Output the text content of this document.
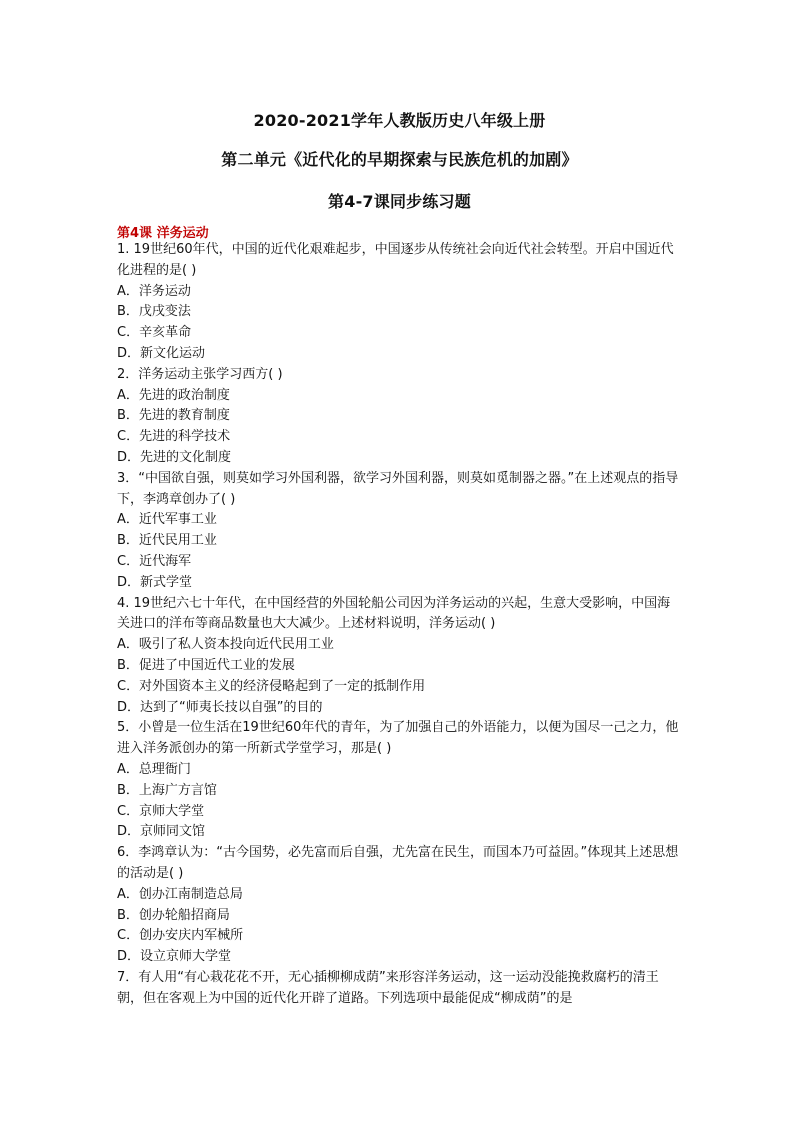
2020-2021学年人教版历史八年级上册
第二单元《近代化的早期探索与民族危机的加剧》
第4-7课同步练习题
第4课 洋务运动

1. 19世纪60年代，中国的近代化艰难起步，中国逐步从传统社会向近代社会转型。开启中国近代化进程的是( )

A．洋务运动

B．戊戌变法

C．辛亥革命

D．新文化运动

2．洋务运动主张学习西方( )

A．先进的政治制度

B．先进的教育制度

C．先进的科学技术

D．先进的文化制度

3．“中国欲自强，则莫如学习外国利器，欲学习外国利器，则莫如觅制器之器。”在上述观点的指导下，李鸿章创办了( )

A．近代军事工业

B．近代民用工业

C．近代海军

D．新式学堂

4. 19世纪六七十年代，在中国经营的外国轮船公司因为洋务运动的兴起，生意大受影响，中国海关进口的洋布等商品数量也大大减少。上述材料说明，洋务运动( )

A．吸引了私人资本投向近代民用工业

B．促进了中国近代工业的发展

C．对外国资本主义的经济侵略起到了一定的抵制作用

D．达到了“师夷长技以自强”的目的

5．小曾是一位生活在19世纪60年代的青年，为了加强自己的外语能力，以便为国尽一己之力，他进入洋务派创办的第一所新式学堂学习，那是( )

A．总理衙门

B．上海广方言馆

C．京师大学堂

D．京师同文馆

6．李鸿章认为：“古今国势，必先富而后自强，尤先富在民生，而国本乃可益固。”体现其上述思想的活动是( )

A．创办江南制造总局

B．创办轮船招商局

C．创办安庆内军械所

D．设立京师大学堂

7．有人用“有心栽花花不开，无心插柳柳成荫”来形容洋务运动，这一运动没能挽救腐朽的清王朝，但在客观上为中国的近代化开辟了道路。下列选项中最能促成“柳成荫”的是
